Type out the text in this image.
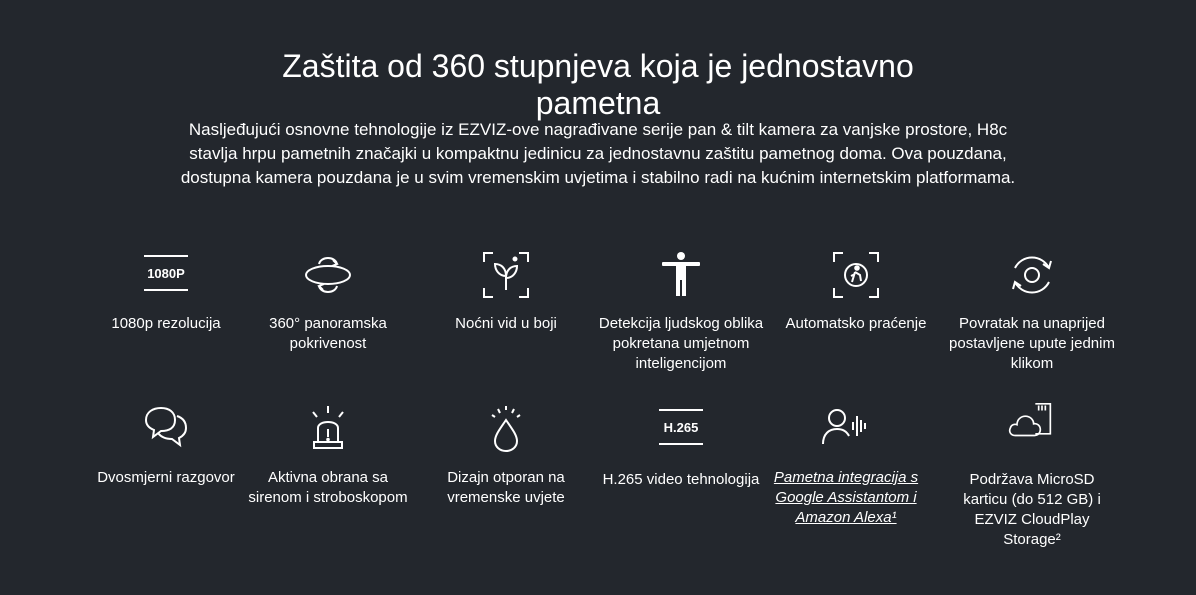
Zaštita od 360 stupnjeva koja je jednostavno pametna

Nasljeđujući osnovne tehnologije iz EZVIZ-ove nagrađivane serije pan & tilt kamera za vanjske prostore, H8c stavlja hrpu pametnih značajki u kompaktnu jedinicu za jednostavnu zaštitu pametnog doma. Ova pouzdana, dostupna kamera pouzdana je u svim vremenskim uvjetima i stabilno radi na kućnim internetskim platformama.

1080P
1080p rezolucija	360° panoramska pokrivenost
Noćni vid u boji	Detekcija ljudskog oblika pokretana umjetnom inteligencijom
Automatsko praćenje	Povratak na unaprijed postavljene upute jednim klikom
Dvosmjerni razgovor	Aktivna obrana sa sirenom i stroboskopom
Dizajn otporan na vremenske uvjete
H.265
H.265 video tehnologija Pametna integracija s Google Assistantom i Amazon Alexa¹
Podržava MicroSD karticu (do 512 GB) i EZVIZ CloudPlay Storage²
